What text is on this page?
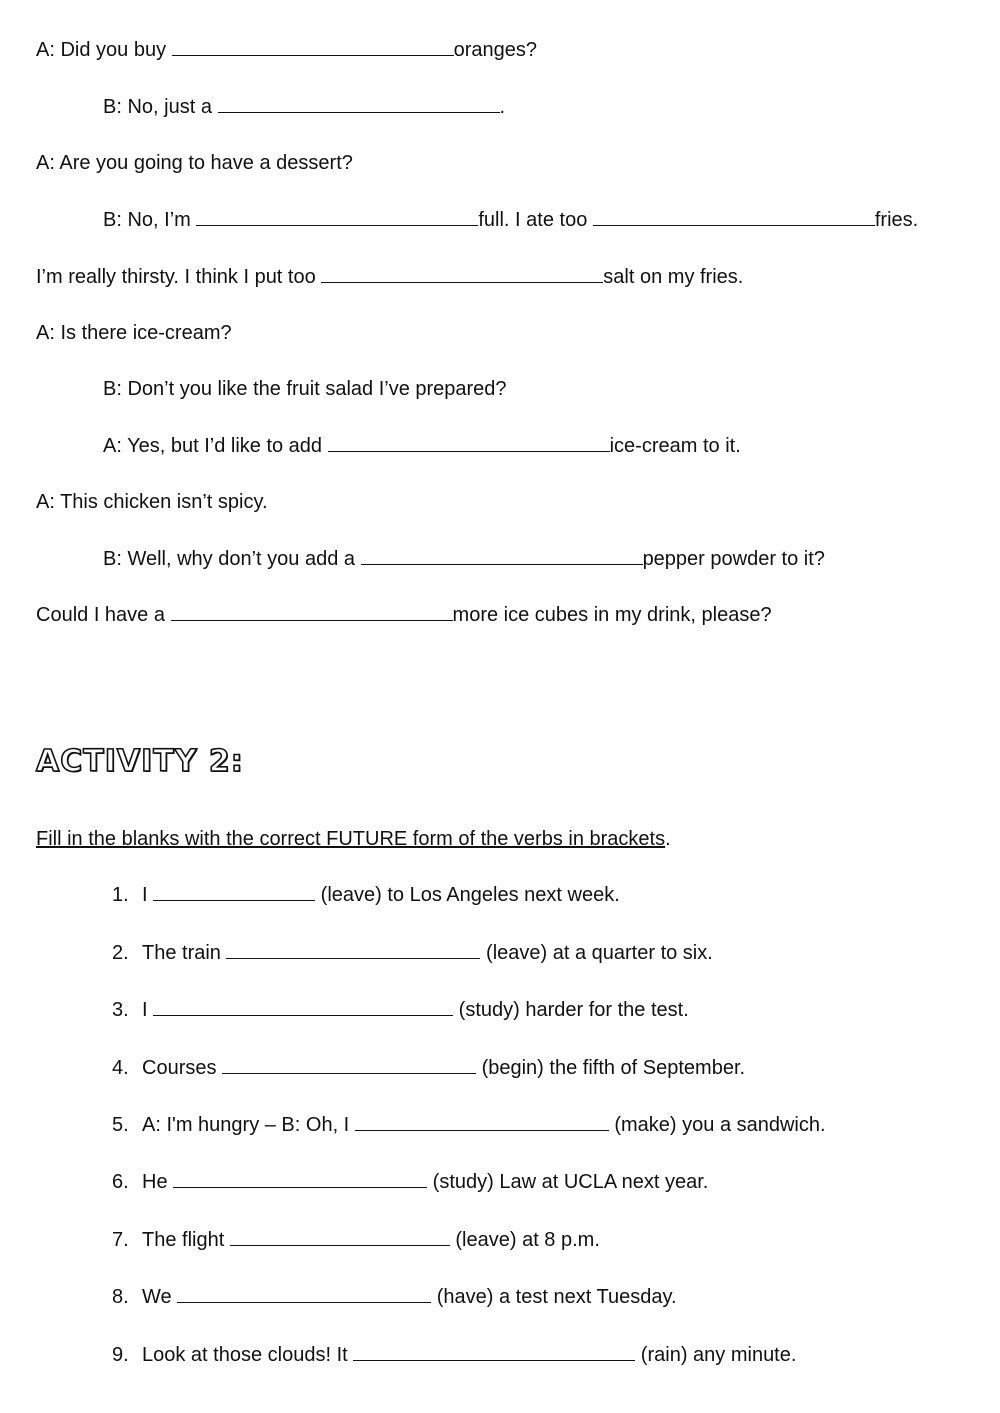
A: Did you buy	oranges?
B: No, just a	.
A: Are you going to have a dessert?
B: No, I’m	full. I ate too	fries.
I’m really thirsty. I think I put too	salt on my fries.
A: Is there ice-cream?
B: Don’t you like the fruit salad I’ve prepared?
A: Yes, but I’d like to add	ice-cream to it.
A: This chicken isn’t spicy.
B: Well, why don’t you add a	pepper powder to it?
Could I have a	more ice cubes in my drink, please?
ACTIVITY 2:
Fill in the blanks with the correct FUTURE form of the verbs in brackets.
1. I	(leave) to Los Angeles next week.
2. The train	(leave) at a quarter to six.
3. I	(study) harder for the test.
4. Courses	(begin) the fifth of September.
5. A: I'm hungry – B: Oh, I	(make) you a sandwich.
6. He	(study) Law at UCLA next year.
7. The flight	(leave) at 8 p.m.
8. We	(have) a test next Tuesday.
9. Look at those clouds! It	(rain) any minute.
